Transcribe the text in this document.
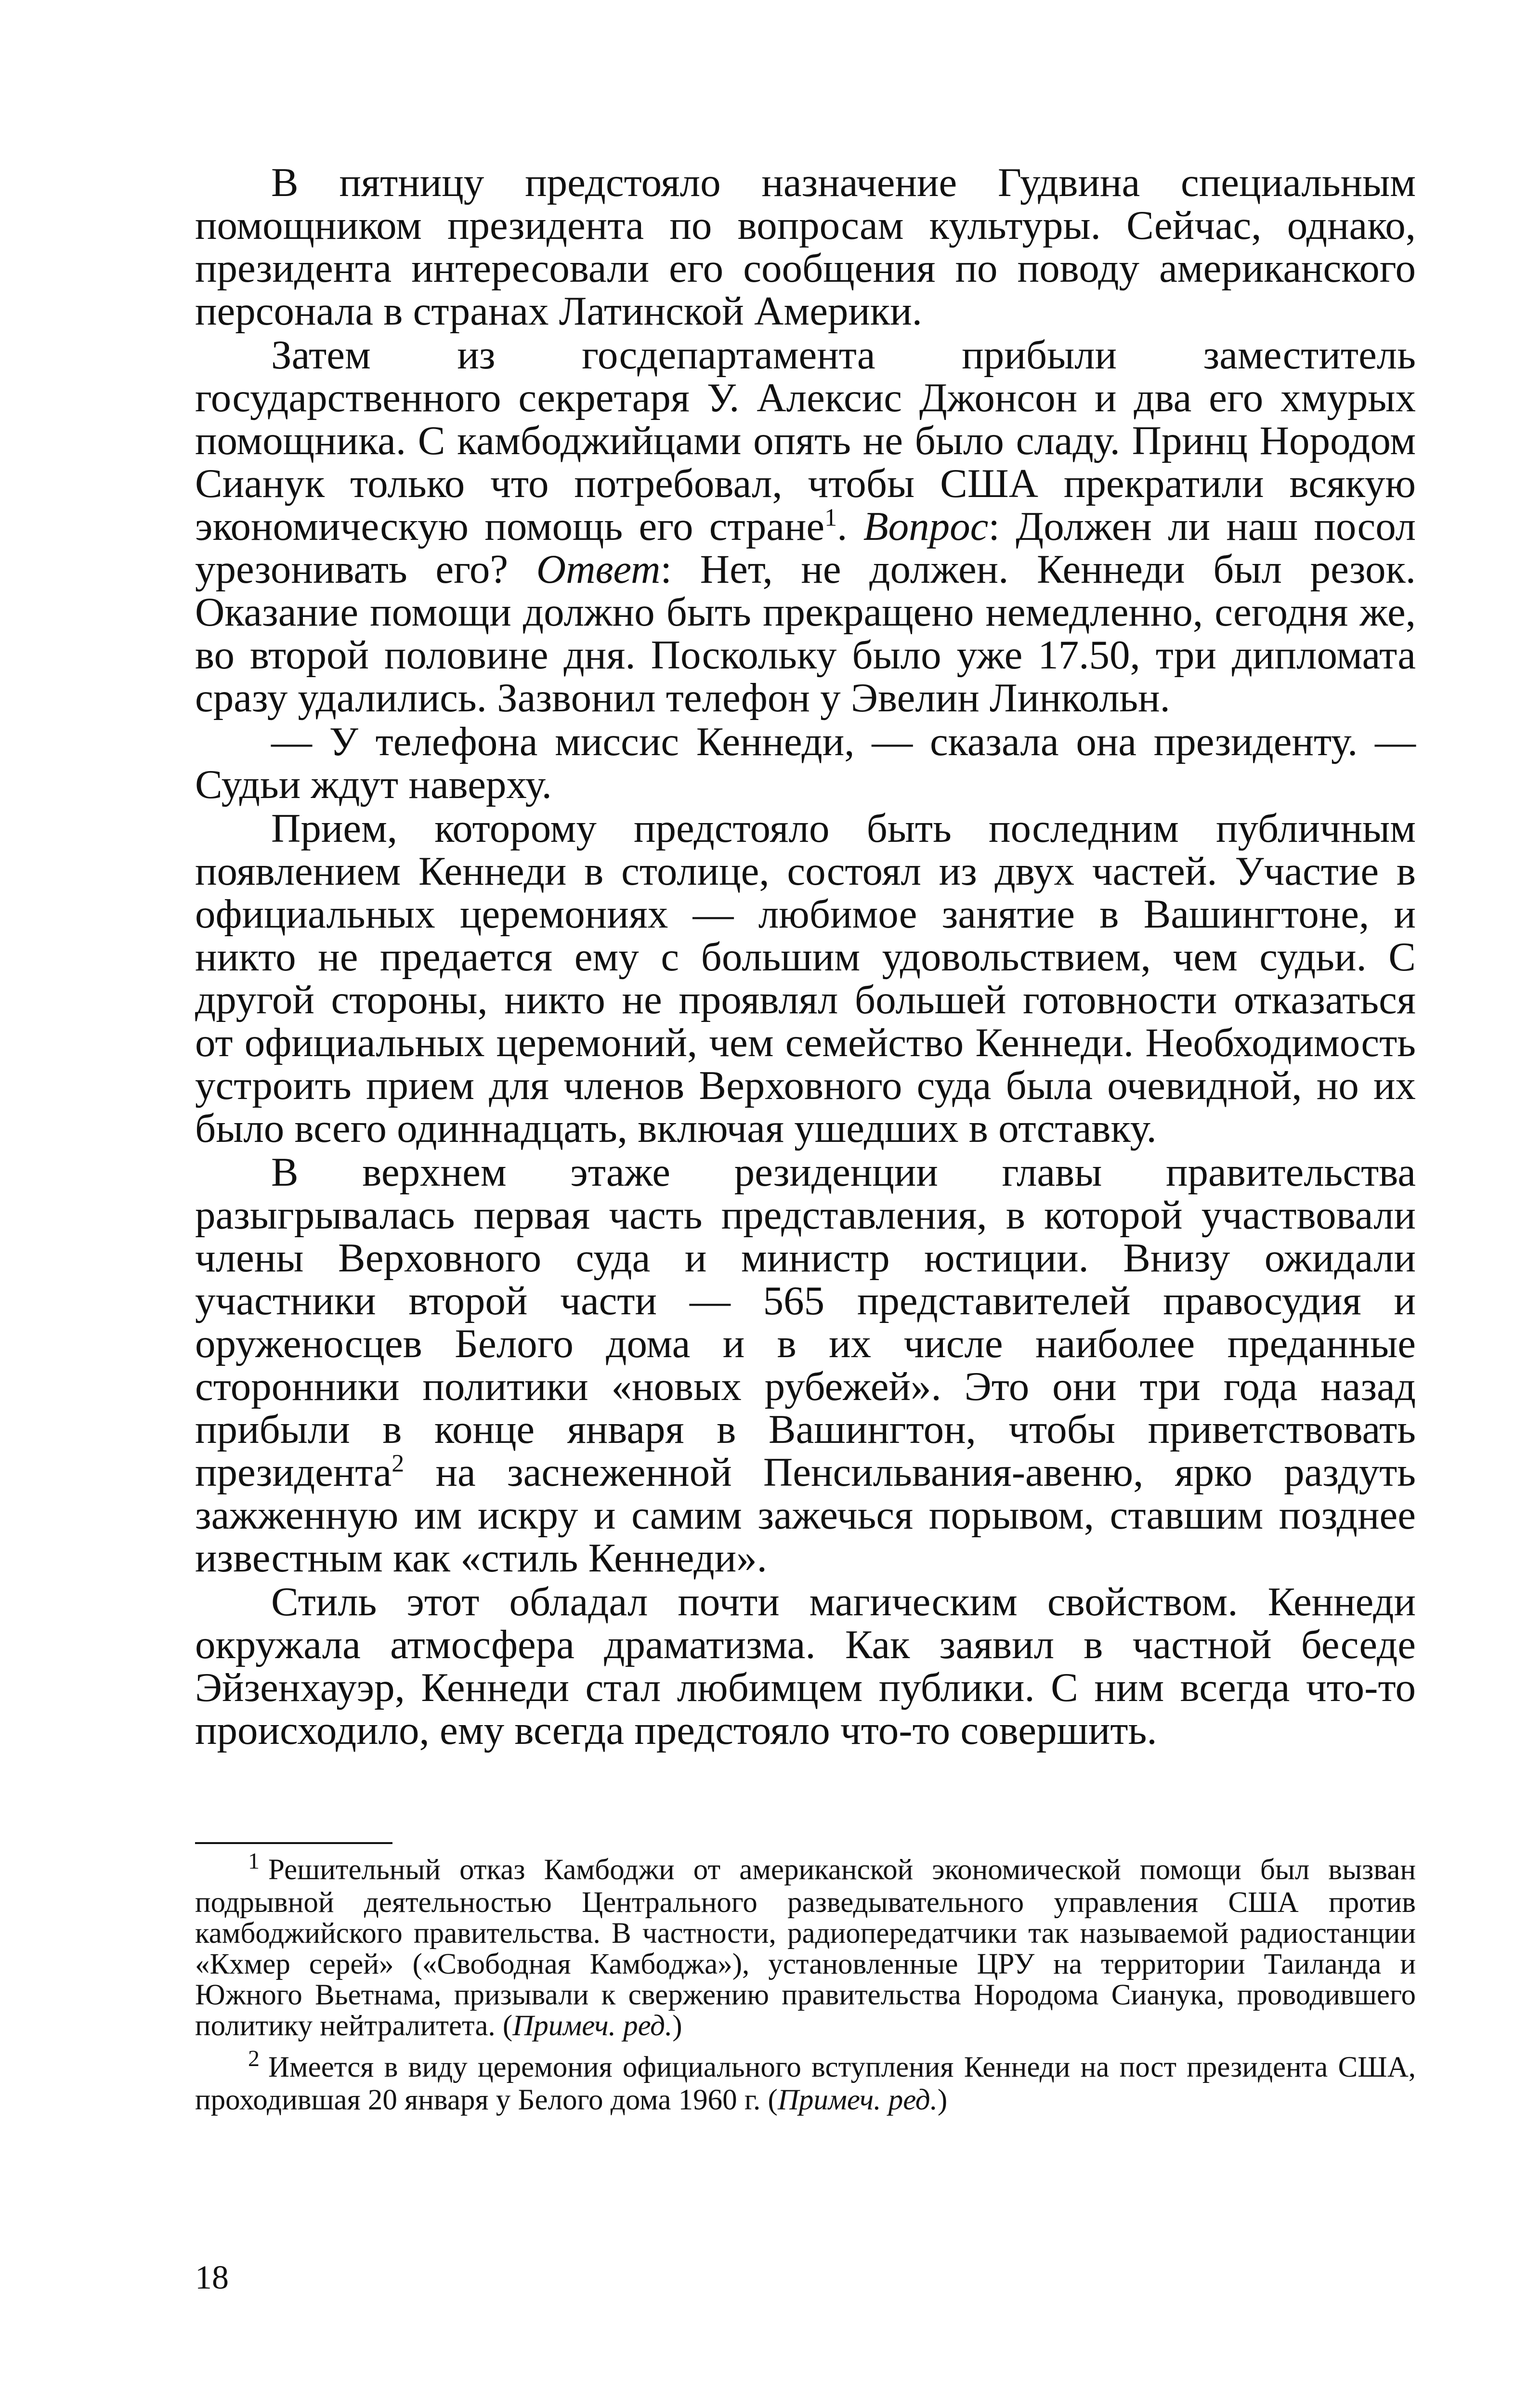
В пятницу предстояло назначение Гудвина специальным помощником президента по вопросам культуры. Сейчас, однако, президента интересовали его сообщения по поводу американского персонала в странах Латинской Америки.

Затем из госдепартамента прибыли заместитель государственного секретаря У. Алексис Джонсон и два его хмурых помощника. С камбоджийцами опять не было сладу. Принц Нородом Сианук только что потребовал, чтобы США прекратили всякую экономическую помощь его стране$^1$. Вопрос: Должен ли наш посол урезонивать его? Ответ: Нет, не должен. Кеннеди был резок. Оказание помощи должно быть прекращено немедленно, сегодня же, во второй половине дня. Поскольку было уже 17.50, три дипломата сразу удалились. Зазвонил телефон у Эвелин Линкольн.

— У телефона миссис Кеннеди, — сказала она президенту. — Судьи ждут наверху.

Прием, которому предстояло быть последним публичным появлением Кеннеди в столице, состоял из двух частей. Участие в официальных церемониях — любимое занятие в Вашингтоне, и никто не предается ему с большим удовольствием, чем судьи. С другой стороны, никто не проявлял большей готовности отказаться от официальных церемоний, чем семейство Кеннеди. Необходимость устроить прием для членов Верховного суда была очевидной, но их было всего одиннадцать, включая ушедших в отставку.

В верхнем этаже резиденции главы правительства разыгрывалась первая часть представления, в которой участвовали члены Верховного суда и министр юстиции. Внизу ожидали участники второй части — 565 представителей правосудия и оруженосцев Белого дома и в их числе наиболее преданные сторонники политики «новых рубежей». Это они три года назад прибыли в конце января в Вашингтон, чтобы приветствовать президента$^2$ на заснеженной Пенсильвания-авеню, ярко раздуть зажженную им искру и самим зажечься порывом, ставшим позднее известным как «стиль Кеннеди».

Стиль этот обладал почти магическим свойством. Кеннеди окружала атмосфера драматизма. Как заявил в частной беседе Эйзенхауэр, Кеннеди стал любимцем публики. С ним всегда что-то происходило, ему всегда предстояло что-то совершить.

$^1$ Решительный отказ Камбоджи от американской экономической помощи был вызван подрывной деятельностью Центрального разведывательного управления США против камбоджийского правительства. В частности, радиопередатчики так называемой радиостанции «Кхмер серей» («Свободная Камбоджа»), установленные ЦРУ на территории Таиланда и Южного Вьетнама, призывали к свержению правительства Нородома Сианука, проводившего политику нейтралитета. (Примеч. ред.)

$^2$ Имеется в виду церемония официального вступления Кеннеди на пост президента США, проходившая 20 января у Белого дома 1960 г. (Примеч. ред.)

18
